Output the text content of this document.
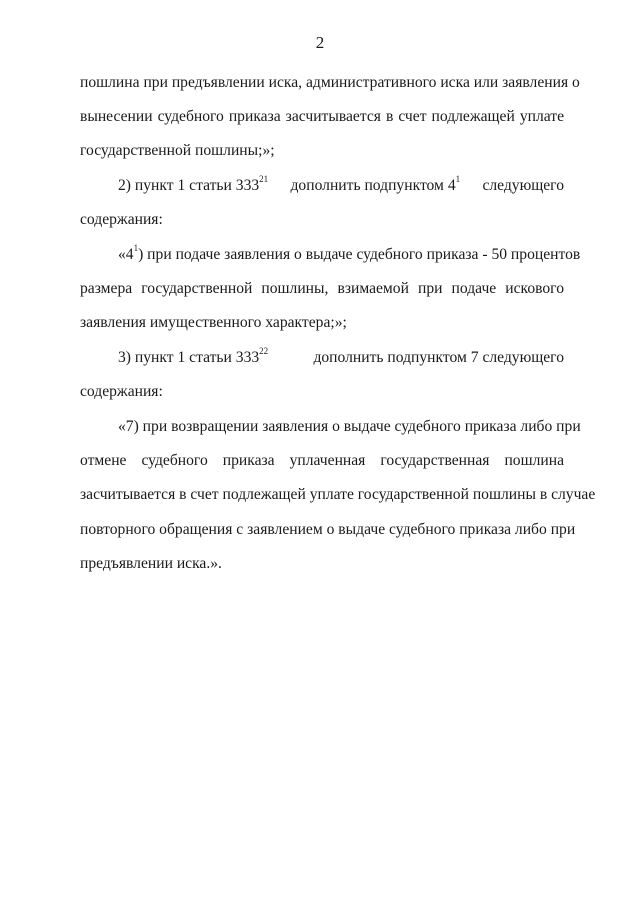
2
пошлина при предъявлении иска, административного иска или заявления о
вынесении судебного приказа засчитывается в счет подлежащей уплате
государственной пошлины;»;
2) пункт 1 статьи $333^{21}$ дополнить подпунктом $4^1$ следующего
содержания:
«$4^1$ ) при подаче заявления о выдаче судебного приказа - 50 процентов
размера государственной пошлины, взимаемой при подаче искового
заявления имущественного характера;»;
3) пункт 1 статьи $333^{22}$	дополнить подпунктом 7 следующего
содержания:
«7) при возвращении заявления о выдаче судебного приказа либо при
отмене судебного приказа уплаченная государственная пошлина
засчитывается в счет подлежащей уплате государственной пошлины в случае
повторного обращения с заявлением о выдаче судебного приказа либо при
предъявлении иска.».
